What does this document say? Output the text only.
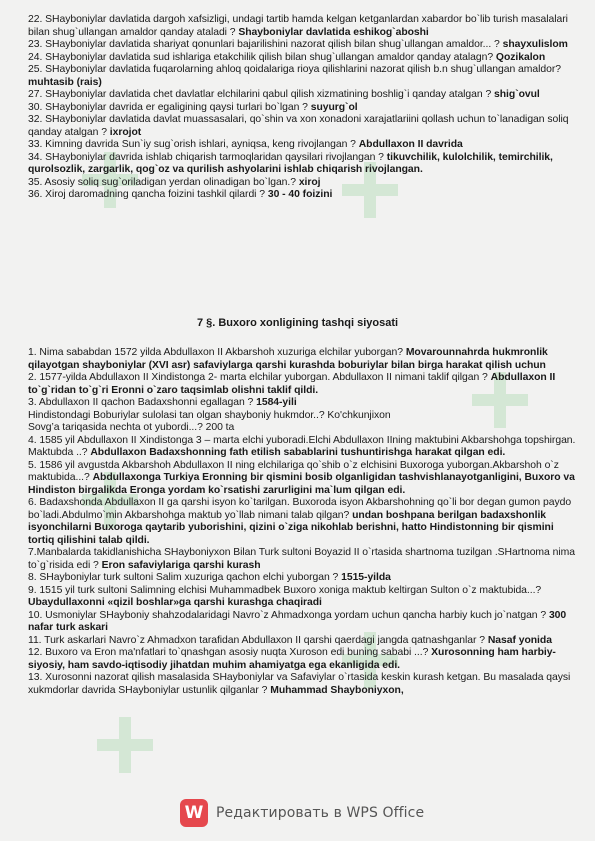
22. SHayboniylar davlatida dargoh xafsizligi, undagi tartib hamda kelgan ketganlardan xabardor bo`lib turish masalalari bilan shug`ullangan amaldor qanday ataladi ? Shayboniylar davlatida eshikog`aboshi

23. SHayboniylar davlatida shariyat qonunlari bajarilishini nazorat qilish bilan shug`ullangan amaldor... ? shayxulislom

24. SHayboniylar davlatida sud ishlariga etakchilik qilish bilan shug`ullangan amaldor qanday atalagn? Qozikalon

25. SHayboniylar davlatida fuqarolarning ahloq qoidalariga rioya qilishlarini nazorat qilish b.n shug`ullangan amaldor? muhtasib (rais)

27. SHayboniylar davlatida chet davlatlar elchilarini qabul qilish xizmatining boshlig`i qanday atalgan ? shig`ovul

30. SHayboniylar davrida er egaligining qaysi turlari bo`lgan ? suyurg`ol

32. SHayboniylar davlatida davlat muassasalari, qo`shin va xon xonadoni xarajatlariini qollash uchun to`lanadigan soliq qanday atalgan ? ixrojot

33. Kimning davrida Sun`iy sug`orish ishlari, ayniqsa, keng rivojlangan ? Abdullaxon II davrida

34. SHayboniylar davrida ishlab chiqarish tarmoqlaridan qaysilari rivojlangan ? tikuvchilik, kulolchilik, temirchilik, qurolsozlik, zargarlik, qog`oz va qurilish ashyolarini ishlab chiqarish rivojlangan.

35. Asosiy soliq sug`oriladigan yerdan olinadigan bo`lgan.? xiroj

36. Xiroj daromadning qancha foizini tashkil qilardi ? 30 - 40 foizini

7 §. Buxoro xonligining tashqi siyosati

1. Nima sababdan 1572 yilda Abdullaxon II Akbarshoh xuzuriga elchilar yuborgan? Movarounnahrda hukmronlik qilayotgan shayboniylar (XVI asr) safaviylarga qarshi kurashda boburiylar bilan birga harakat qilish uchun

2. 1577-yilda Abdullaxon II Xindistonga 2- marta elchilar yuborgan. Abdullaxon II nimani taklif qilgan ? Abdullaxon II to`g`ridan to`g`ri Eronni o`zaro taqsimlab olishni taklif qildi.

3. Abdullaxon II qachon Badaxshonni egallagan ? 1584-yili

Hindistondagi Boburiylar sulolasi tan olgan shayboniy hukmdor..? Ko'chkunjixon

Sovg’a tariqasida nechta ot yubordi...? 200 ta

4. 1585 yil Abdullaxon II Xindistonga 3 – marta elchi yuboradi.Elchi Abdullaxon IIning maktubini Akbarshohga topshirgan. Maktubda ..? Abdullaxon Badaxshonning fath etilish sabablarini tushuntirishga harakat qilgan edi.

5. 1586 yil avgustda Akbarshoh Abdullaxon II ning elchilariga qo`shib o`z elchisini Buxoroga yuborgan.Akbarshoh o`z maktubida...? Abdullaxonga Turkiya Eronning bir qismini bosib olganligidan tashvishlanayotganligini, Buxoro va Hindiston birgalikda Eronga yordam ko`rsatishi zarurligini ma`lum qilgan edi.

6. Badaxshonda Abdullaxon II ga qarshi isyon ko`tarilgan. Buxoroda isyon Akbarshohning qo`li bor degan gumon paydo bo`ladi.Abdulmo`min Akbarshohga maktub yo`llab nimani talab qilgan? undan boshpana berilgan badaxshonlik isyonchilarni Buxoroga qaytarib yuborishini, qizini o`ziga nikohlab berishni, hatto Hindistonning bir qismini tortiq qilishini talab qildi.

7.Manbalarda takidlanishicha SHayboniyxon Bilan Turk sultoni Boyazid II o`rtasida shartnoma tuzilgan .SHartnoma nima to`g`risida edi ? Eron safaviylariga qarshi kurash

8. SHayboniylar turk sultoni Salim xuzuriga qachon elchi yuborgan ? 1515-yilda

9. 1515 yil turk sultoni Salimning elchisi Muhammadbek Buxoro xoniga maktub keltirgan Sulton o`z maktubida...? Ubaydullaxonni «qizil boshlar»ga qarshi kurashga chaqiradi

10. Usmoniylar SHayboniy shahzodalaridagi Navro`z Ahmadxonga yordam uchun qancha harbiy kuch jo`natgan ? 300 nafar turk askari

11. Turk askarlari Navro`z Ahmadxon tarafidan Abdullaxon II qarshi qaerdagi jangda qatnashganlar ? Nasaf yonida

12. Buxoro va Eron ma'nfatlari to`qnashgan asosiy nuqta Xuroson edi buning sababi ...? Xurosonning ham harbiy-siyosiy, ham savdo-iqtisodiy jihatdan muhim ahamiyatga ega ekanligida edi.

13. Xurosonni nazorat qilish masalasida SHayboniylar va Safaviylar o`rtasida keskin kurash ketgan. Bu masalada qaysi xukmdorlar davrida SHayboniylar ustunlik qilganlar ? Muhammad Shayboniyxon,

W Редактировать в WPS Office
